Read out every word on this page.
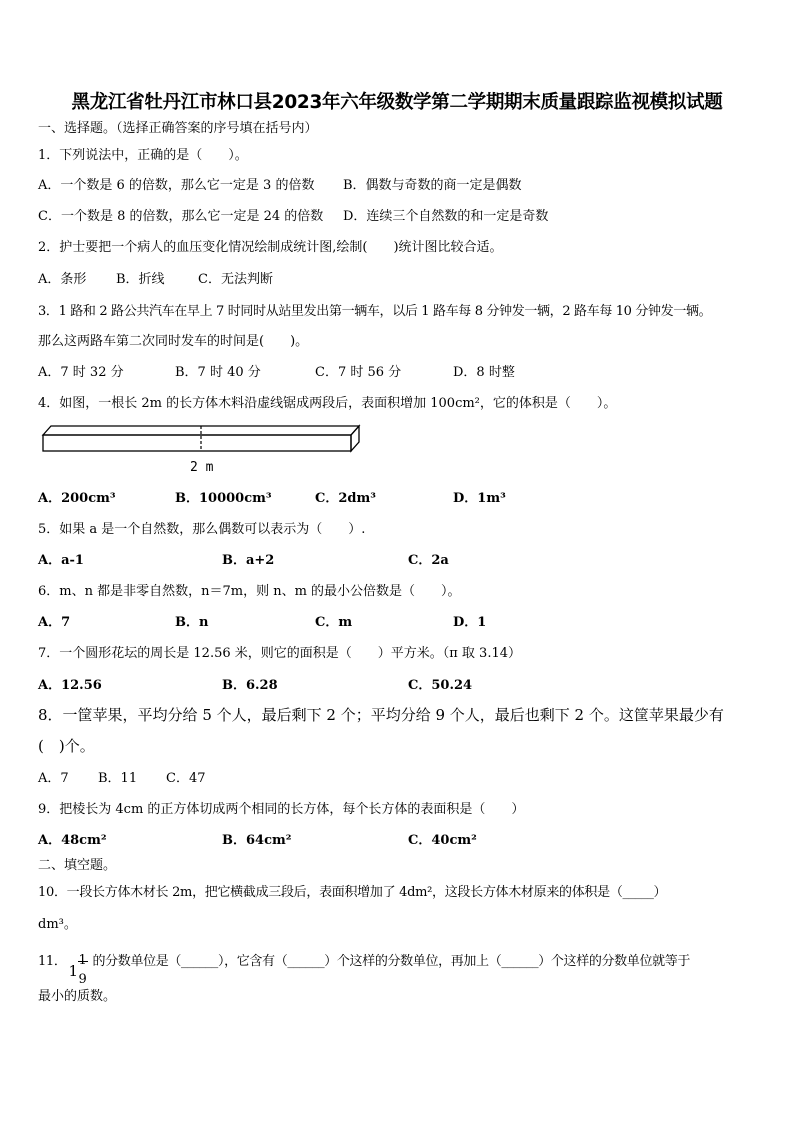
黑龙江省牡丹江市林口县2023年六年级数学第二学期期末质量跟踪监视模拟试题
一、选择题。（选择正确答案的序号填在括号内）
1．下列说法中，正确的是（　　）。
A．一个数是 6 的倍数，那么它一定是 3 的倍数 B．偶数与奇数的商一定是偶数
C．一个数是 8 的倍数，那么它一定是 24 的倍数 D．连续三个自然数的和一定是奇数
2．护士要把一个病人的血压变化情况绘制成统计图,绘制(　　)统计图比较合适。
A．条形 B．折线	C．无法判断
3．1 路和 2 路公共汽车在早上 7 时同时从站里发出第一辆车，以后 1 路车每 8 分钟发一辆，2 路车每 10 分钟发一辆。
那么这两路车第二次同时发车的时间是(　　)。
A．7 时 32 分	B．7 时 40 分	C．7 时 56 分	D．8 时整
4．如图，一根长 2m 的长方体木料沿虚线锯成两段后，表面积增加 100cm²，它的体积是（　　）。
2 m
A．200cm³	B．10000cm³	C．2dm³	D．1m³
5．如果 a 是一个自然数，那么偶数可以表示为（　　）.
A．a-1	B．a+2	C．2a
6．m、n 都是非零自然数，n＝7m，则 n、m 的最小公倍数是（　　）。
A．7	B．n	C．m	D．1
7．一个圆形花坛的周长是 12.56 米，则它的面积是（　　）平方米。（π 取 3.14）
A．12.56	B．6.28	C．50.24
8．一筐苹果，平均分给 5 个人，最后剩下 2 个；平均分给 9 个人，最后也剩下 2 个。这筐苹果最少有
(　)个。
A．7 B．11 C．47
9．把棱长为 4cm 的正方体切成两个相同的长方体，每个长方体的表面积是（　　）
A．48cm²	B．64cm²	C．40cm²
二、填空题。
10．一段长方体木材长 2m，把它横截成三段后，表面积增加了 4dm²，这段长方体木材原来的体积是（_____）
dm³。
11． 1
1
9
的分数单位是（______），它含有（______）个这样的分数单位，再加上（______）个这样的分数单位就等于
最小的质数。
